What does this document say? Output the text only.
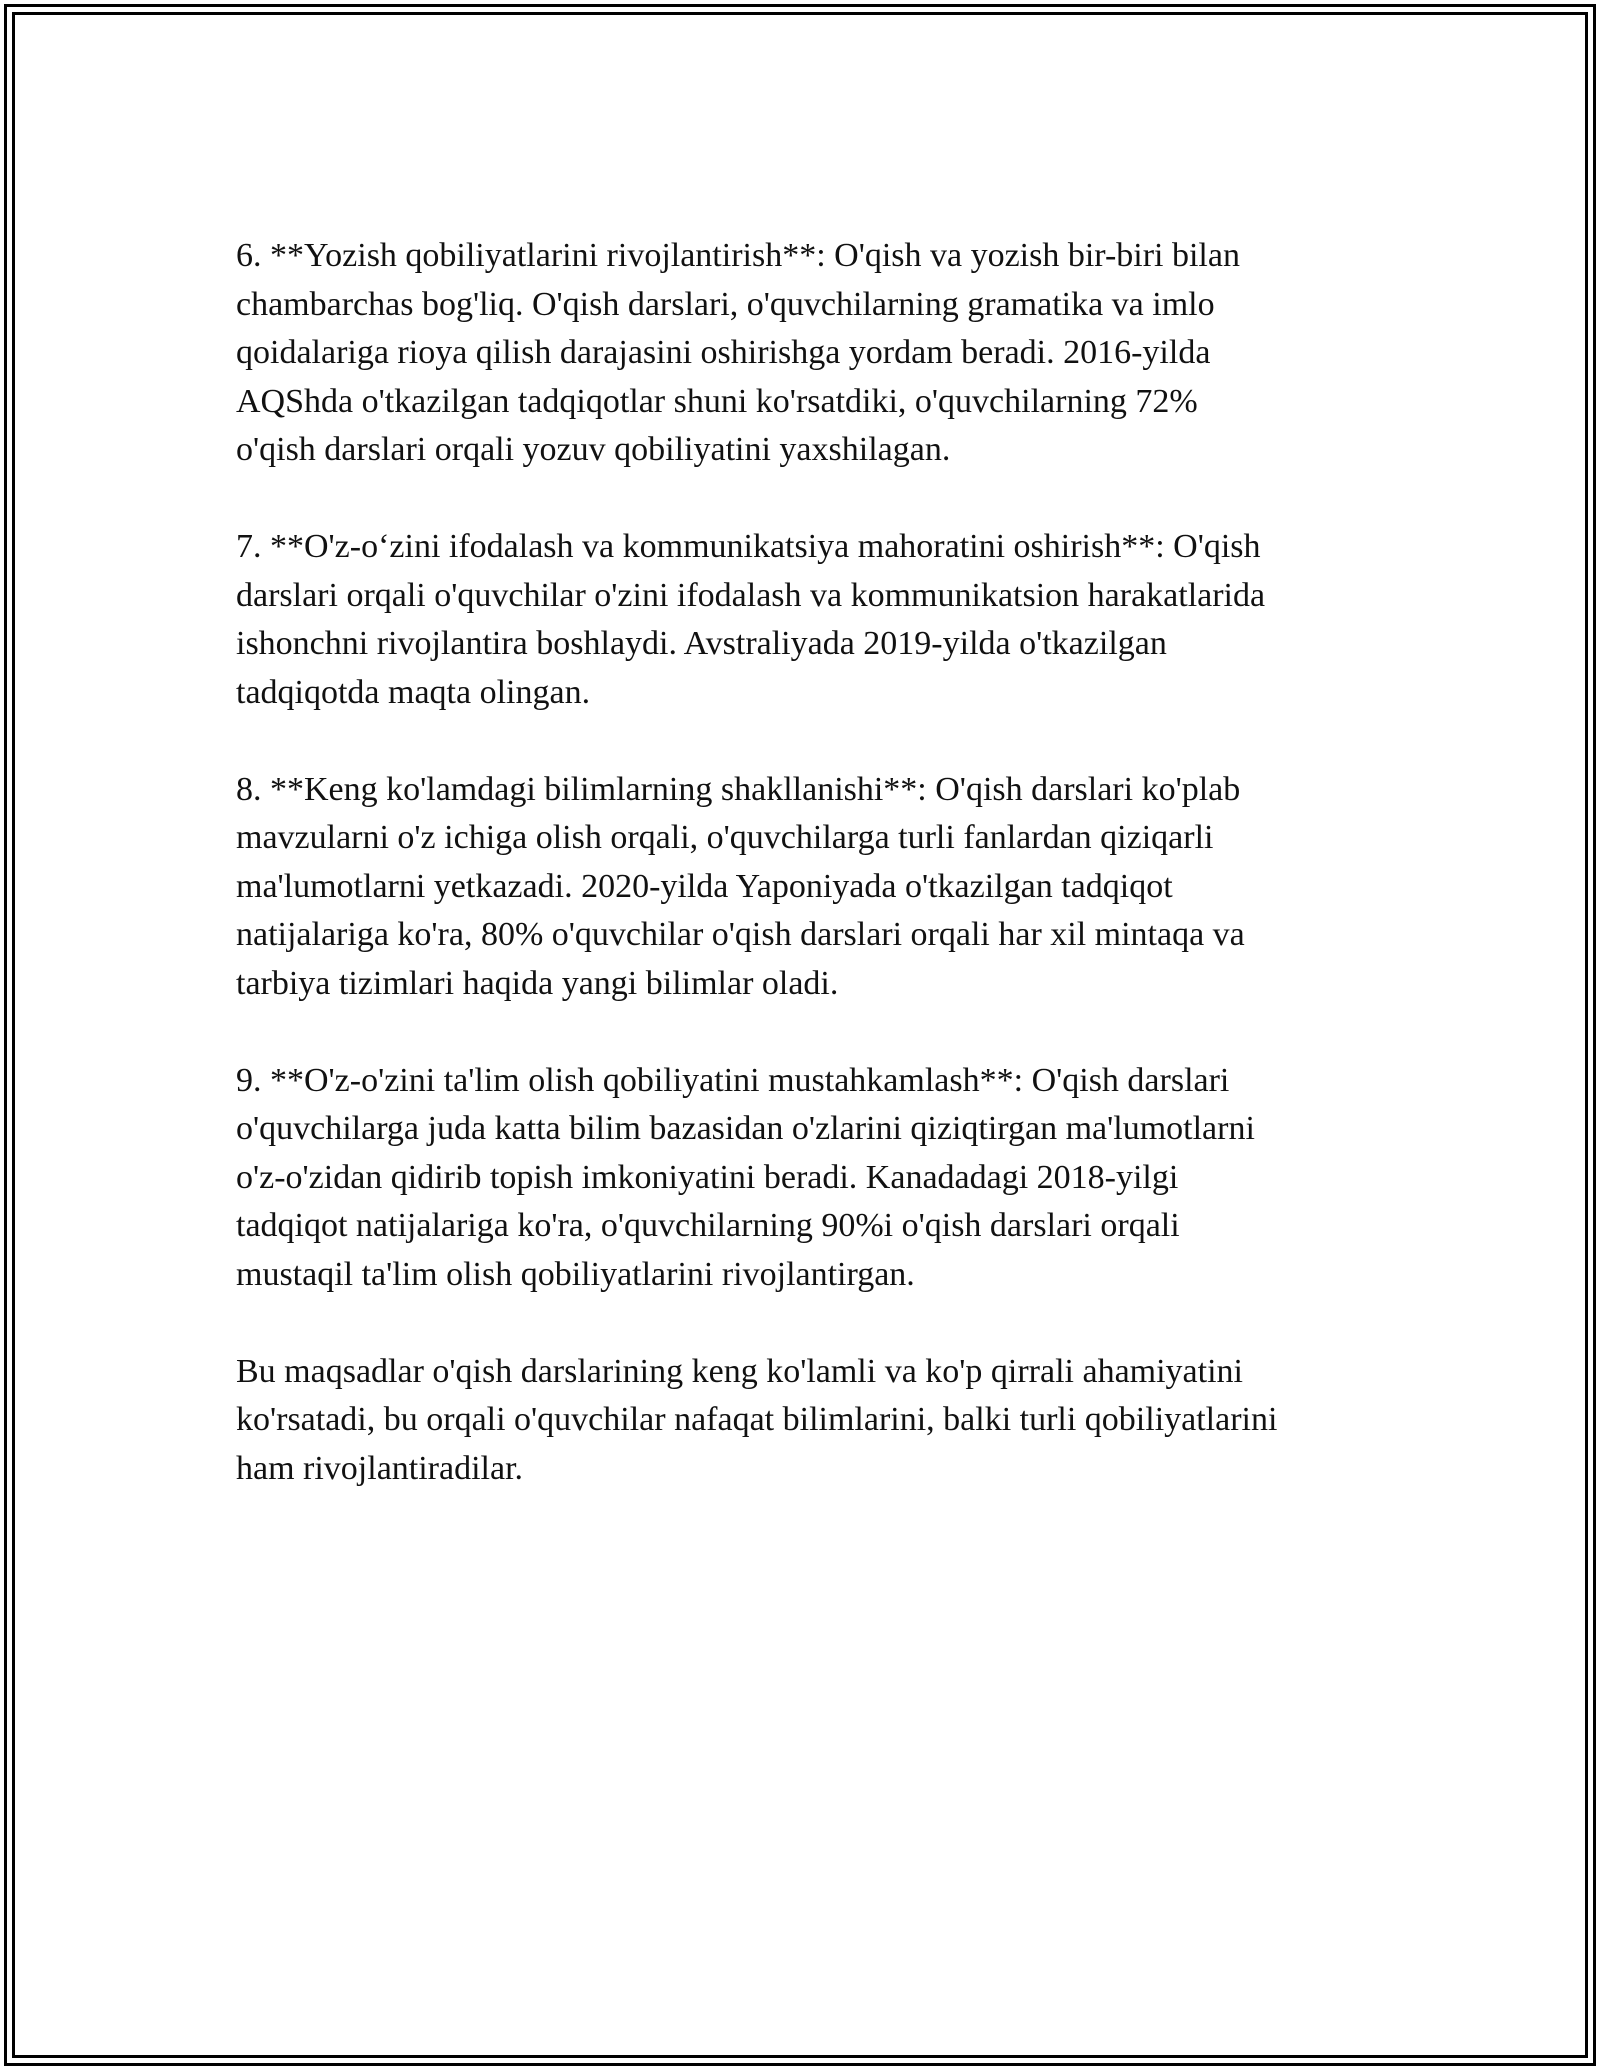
6. **Yozish qobiliyatlarini rivojlantirish**: O'qish va yozish bir-biri bilan
chambarchas bog'liq. O'qish darslari, o'quvchilarning gramatika va imlo
qoidalariga rioya qilish darajasini oshirishga yordam beradi. 2016-yilda
AQShda o'tkazilgan tadqiqotlar shuni ko'rsatdiki, o'quvchilarning 72%
o'qish darslari orqali yozuv qobiliyatini yaxshilagan.

7. **O'z-o‘zini ifodalash va kommunikatsiya mahoratini oshirish**: O'qish
darslari orqali o'quvchilar o'zini ifodalash va kommunikatsion harakatlarida
ishonchni rivojlantira boshlaydi. Avstraliyada 2019-yilda o'tkazilgan
tadqiqotda maqta olingan.

8. **Keng ko'lamdagi bilimlarning shakllanishi**: O'qish darslari ko'plab
mavzularni o'z ichiga olish orqali, o'quvchilarga turli fanlardan qiziqarli
ma'lumotlarni yetkazadi. 2020-yilda Yaponiyada o'tkazilgan tadqiqot
natijalariga ko'ra, 80% o'quvchilar o'qish darslari orqali har xil mintaqa va
tarbiya tizimlari haqida yangi bilimlar oladi.

9. **O'z-o'zini ta'lim olish qobiliyatini mustahkamlash**: O'qish darslari
o'quvchilarga juda katta bilim bazasidan o'zlarini qiziqtirgan ma'lumotlarni
o'z-o'zidan qidirib topish imkoniyatini beradi. Kanadadagi 2018-yilgi
tadqiqot natijalariga ko'ra, o'quvchilarning 90%i o'qish darslari orqali
mustaqil ta'lim olish qobiliyatlarini rivojlantirgan.

Bu maqsadlar o'qish darslarining keng ko'lamli va ko'p qirrali ahamiyatini
ko'rsatadi, bu orqali o'quvchilar nafaqat bilimlarini, balki turli qobiliyatlarini
ham rivojlantiradilar.
